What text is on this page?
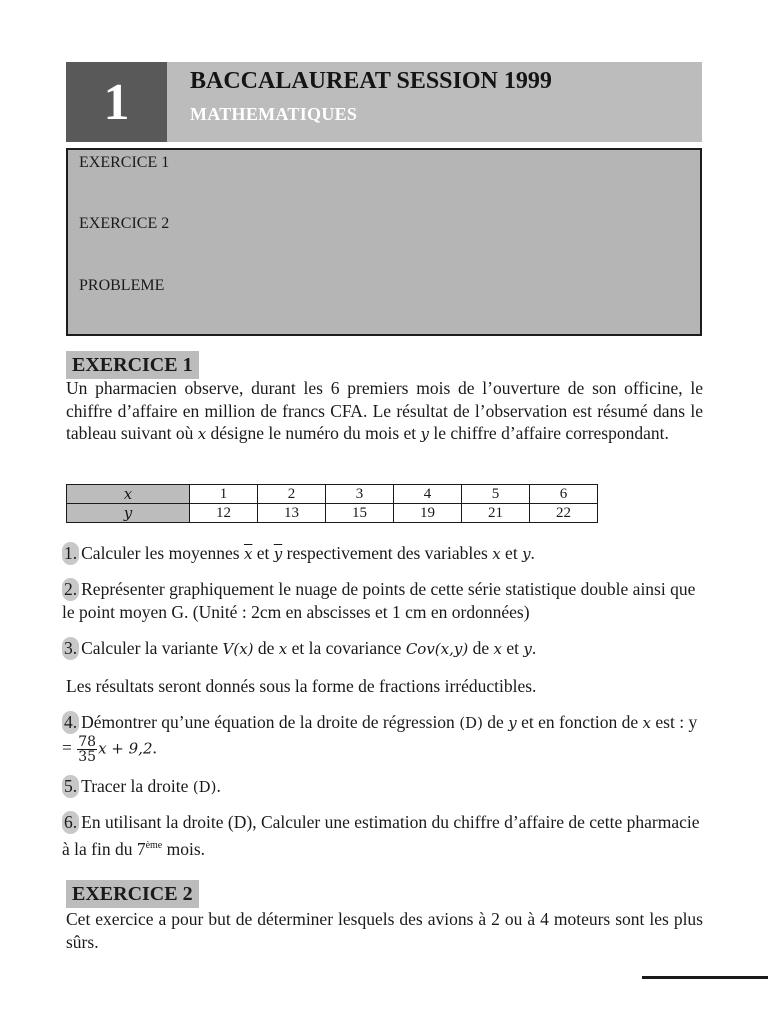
1	BACCALAUREAT SESSION 1999
MATHEMATIQUES
EXERCICE 1
EXERCICE 2
PROBLEME
EXERCICE 1
Un pharmacien observe, durant les 6 premiers mois de l’ouverture de son officine, le chiffre d’affaire en million de francs CFA. Le résultat de l’observation est résumé dans le tableau suivant où x désigne le numéro du mois et y le chiffre d’affaire correspondant.
x	1	2	3	4	5	6
y	12	13	15	19	21	22
1. Calculer les moyennes $\overline{x}$ et $\overline{y}$ respectivement des variables x et y.
2. Représenter graphiquement le nuage de points de cette série statistique double ainsi que le point moyen G. (Unité : 2cm en abscisses et 1 cm en ordonnées)
3. Calculer la variante V(x) de x et la covariance Cov(x,y) de x et y.
Les résultats seront donnés sous la forme de fractions irréductibles.
4. Démontrer qu’une équation de la droite de régression (D) de y et en fonction de x est : $y = \frac{78}{35}$ x + 9,2.
5. Tracer la droite (D).
6. En utilisant la droite (D), Calculer une estimation du chiffre d’affaire de cette pharmacie à la fin du 7ème mois.
EXERCICE 2
Cet exercice a pour but de déterminer lesquels des avions à 2 ou à 4 moteurs sont les plus sûrs.
